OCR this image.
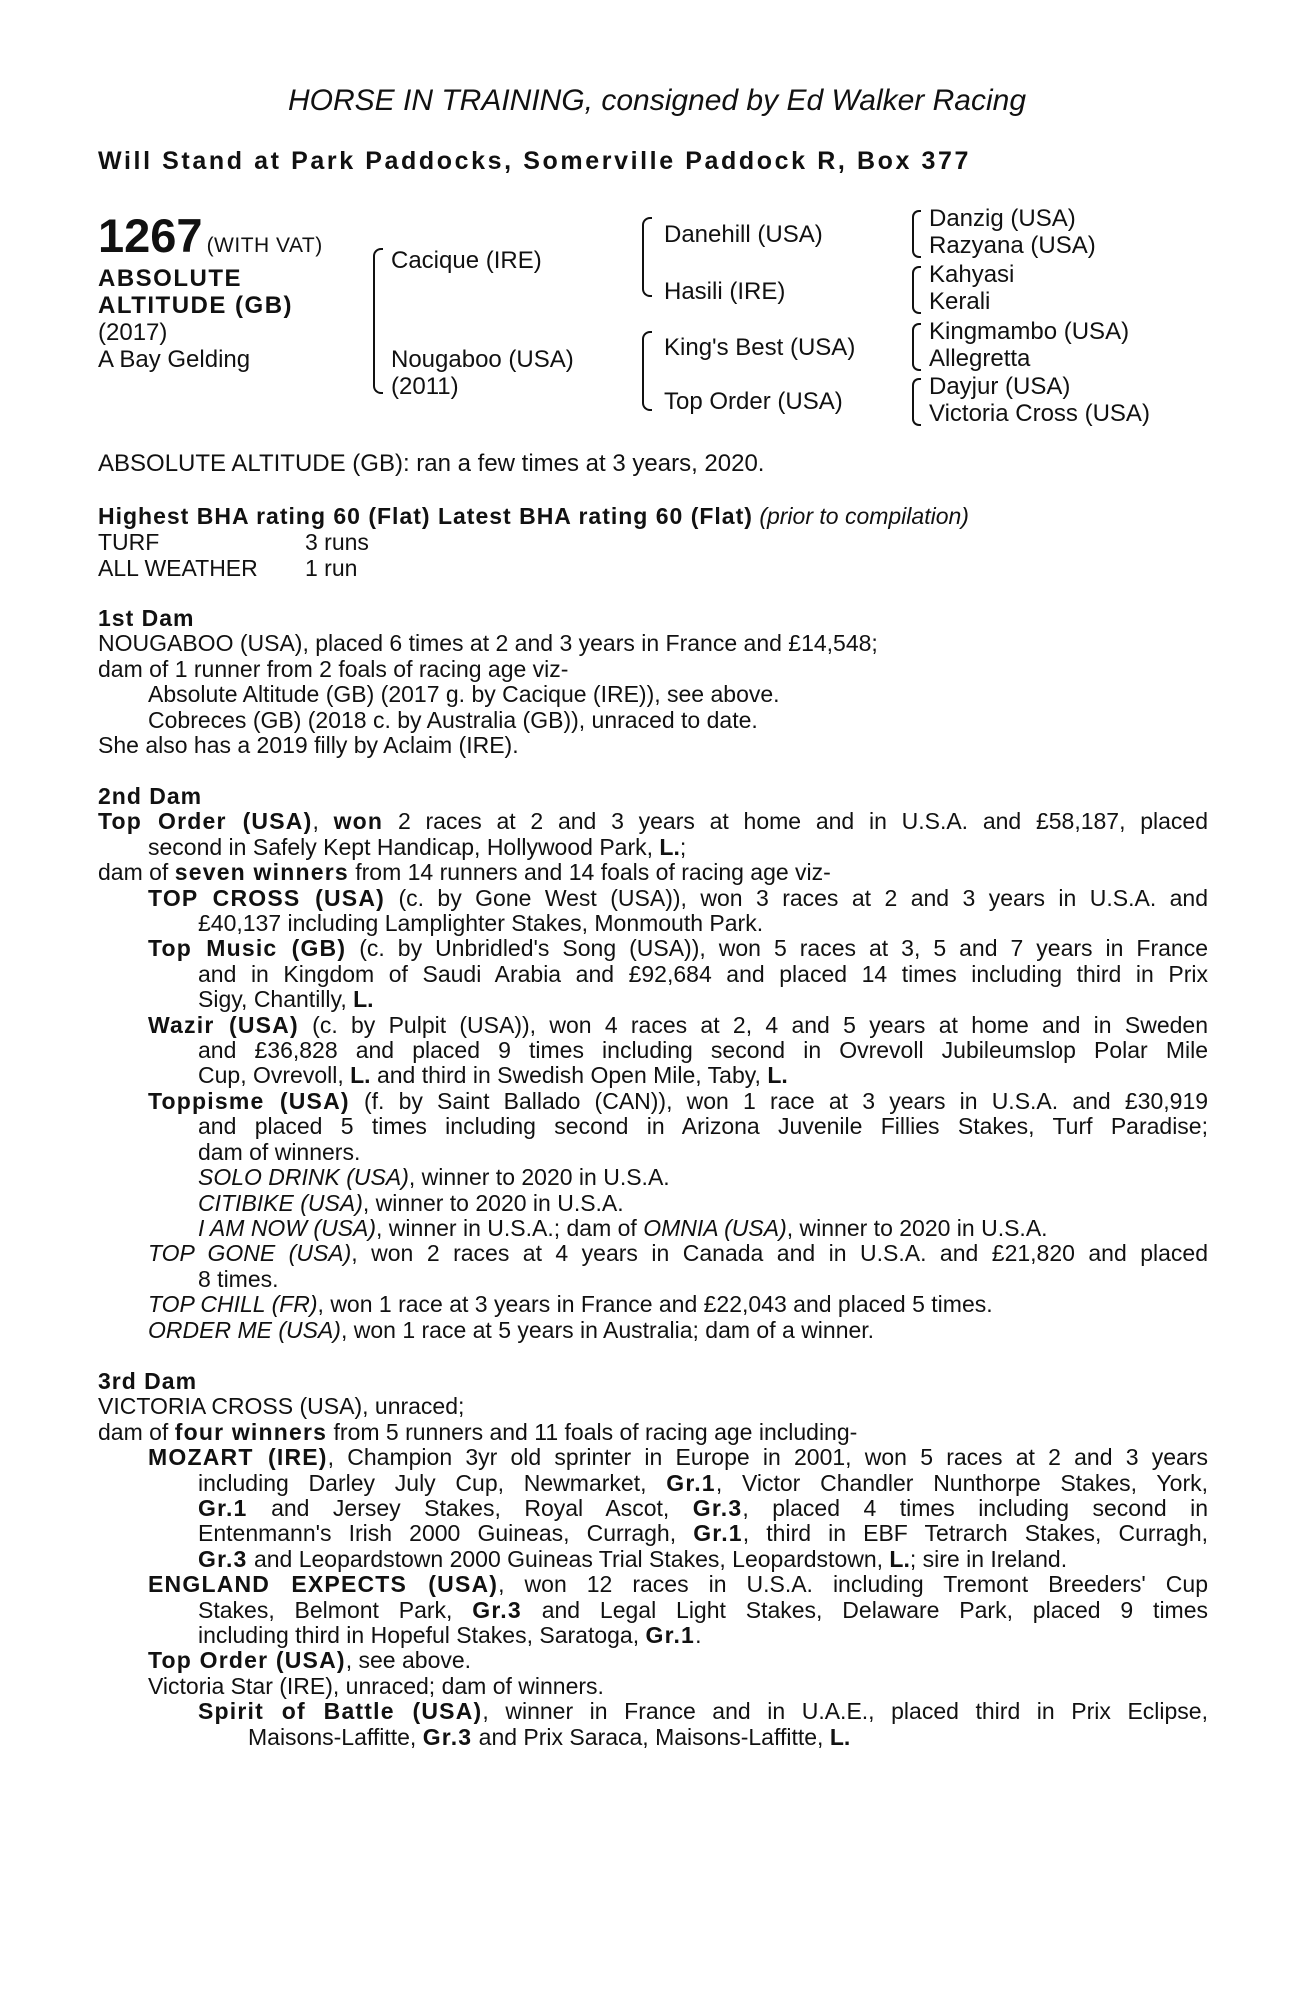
HORSE IN TRAINING, consigned by Ed Walker Racing
Will Stand at Park Paddocks, Somerville Paddock R, Box 377
1267 (WITH VAT)
ABSOLUTE
ALTITUDE (GB)
(2017)
A Bay Gelding
Cacique (IRE)
Nougaboo (USA)
(2011)
Danehill (USA)
Hasili (IRE)
King's Best (USA)
Top Order (USA)
Danzig (USA)
Razyana (USA)
Kahyasi
Kerali
Kingmambo (USA)
Allegretta
Dayjur (USA)
Victoria Cross (USA)
ABSOLUTE ALTITUDE (GB): ran a few times at 3 years, 2020.
Highest BHA rating 60 (Flat) Latest BHA rating 60 (Flat) (prior to compilation)
TURF	3 runs
ALL WEATHER 1 run
1st Dam
NOUGABOO (USA), placed 6 times at 2 and 3 years in France and £14,548;
dam of 1 runner from 2 foals of racing age viz-
Absolute Altitude (GB) (2017 g. by Cacique (IRE)), see above.
Cobreces (GB) (2018 c. by Australia (GB)), unraced to date.
She also has a 2019 filly by Aclaim (IRE).
2nd Dam
Top Order (USA), won 2 races at 2 and 3 years at home and in U.S.A. and £58,187, placed
second in Safely Kept Handicap, Hollywood Park, L.;
dam of seven winners from 14 runners and 14 foals of racing age viz-
TOP CROSS (USA) (c. by Gone West (USA)), won 3 races at 2 and 3 years in U.S.A. and
£40,137 including Lamplighter Stakes, Monmouth Park.
Top Music (GB) (c. by Unbridled's Song (USA)), won 5 races at 3, 5 and 7 years in France
and in Kingdom of Saudi Arabia and £92,684 and placed 14 times including third in Prix
Sigy, Chantilly, L.
Wazir (USA) (c. by Pulpit (USA)), won 4 races at 2, 4 and 5 years at home and in Sweden
and £36,828 and placed 9 times including second in Ovrevoll Jubileumslop Polar Mile
Cup, Ovrevoll, L. and third in Swedish Open Mile, Taby, L.
Toppisme (USA) (f. by Saint Ballado (CAN)), won 1 race at 3 years in U.S.A. and £30,919
and placed 5 times including second in Arizona Juvenile Fillies Stakes, Turf Paradise;
dam of winners.
SOLO DRINK (USA), winner to 2020 in U.S.A.
CITIBIKE (USA), winner to 2020 in U.S.A.
I AM NOW (USA), winner in U.S.A.; dam of OMNIA (USA), winner to 2020 in U.S.A.
TOP GONE (USA), won 2 races at 4 years in Canada and in U.S.A. and £21,820 and placed
8 times.
TOP CHILL (FR), won 1 race at 3 years in France and £22,043 and placed 5 times.
ORDER ME (USA), won 1 race at 5 years in Australia; dam of a winner.
3rd Dam
VICTORIA CROSS (USA), unraced;
dam of four winners from 5 runners and 11 foals of racing age including-
MOZART (IRE), Champion 3yr old sprinter in Europe in 2001, won 5 races at 2 and 3 years
including Darley July Cup, Newmarket, Gr.1, Victor Chandler Nunthorpe Stakes, York,
Gr.1 and Jersey Stakes, Royal Ascot, Gr.3, placed 4 times including second in
Entenmann's Irish 2000 Guineas, Curragh, Gr.1, third in EBF Tetrarch Stakes, Curragh,
Gr.3 and Leopardstown 2000 Guineas Trial Stakes, Leopardstown, L.; sire in Ireland.
ENGLAND EXPECTS (USA), won 12 races in U.S.A. including Tremont Breeders' Cup
Stakes, Belmont Park, Gr.3 and Legal Light Stakes, Delaware Park, placed 9 times
including third in Hopeful Stakes, Saratoga, Gr.1.
Top Order (USA), see above.
Victoria Star (IRE), unraced; dam of winners.
Spirit of Battle (USA), winner in France and in U.A.E., placed third in Prix Eclipse,
Maisons-Laffitte, Gr.3 and Prix Saraca, Maisons-Laffitte, L.
